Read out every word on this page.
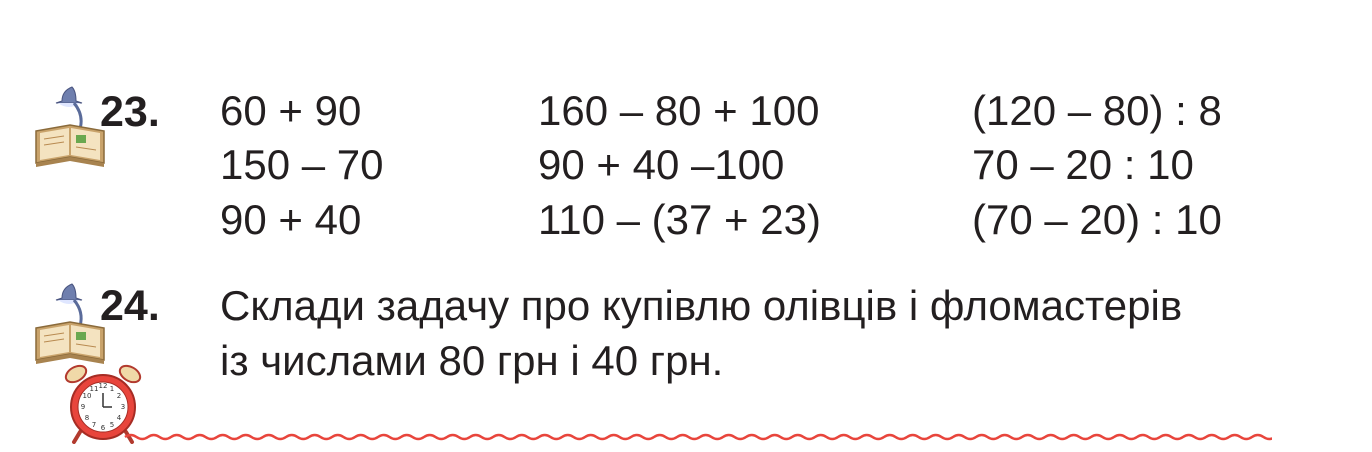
23. 60 + 90
150 – 70
90 + 40
160 – 80 + 100
90 + 40 –100
110 – (37 + 23)
(120 – 80) : 8
70 – 20 : 10
(70 – 20) : 10
24. Склади задачу про купівлю олівців і фломастерів
із числами 80 грн і 40 грн.
12 1
2
3
4
5
6
7
8
9
10
11
